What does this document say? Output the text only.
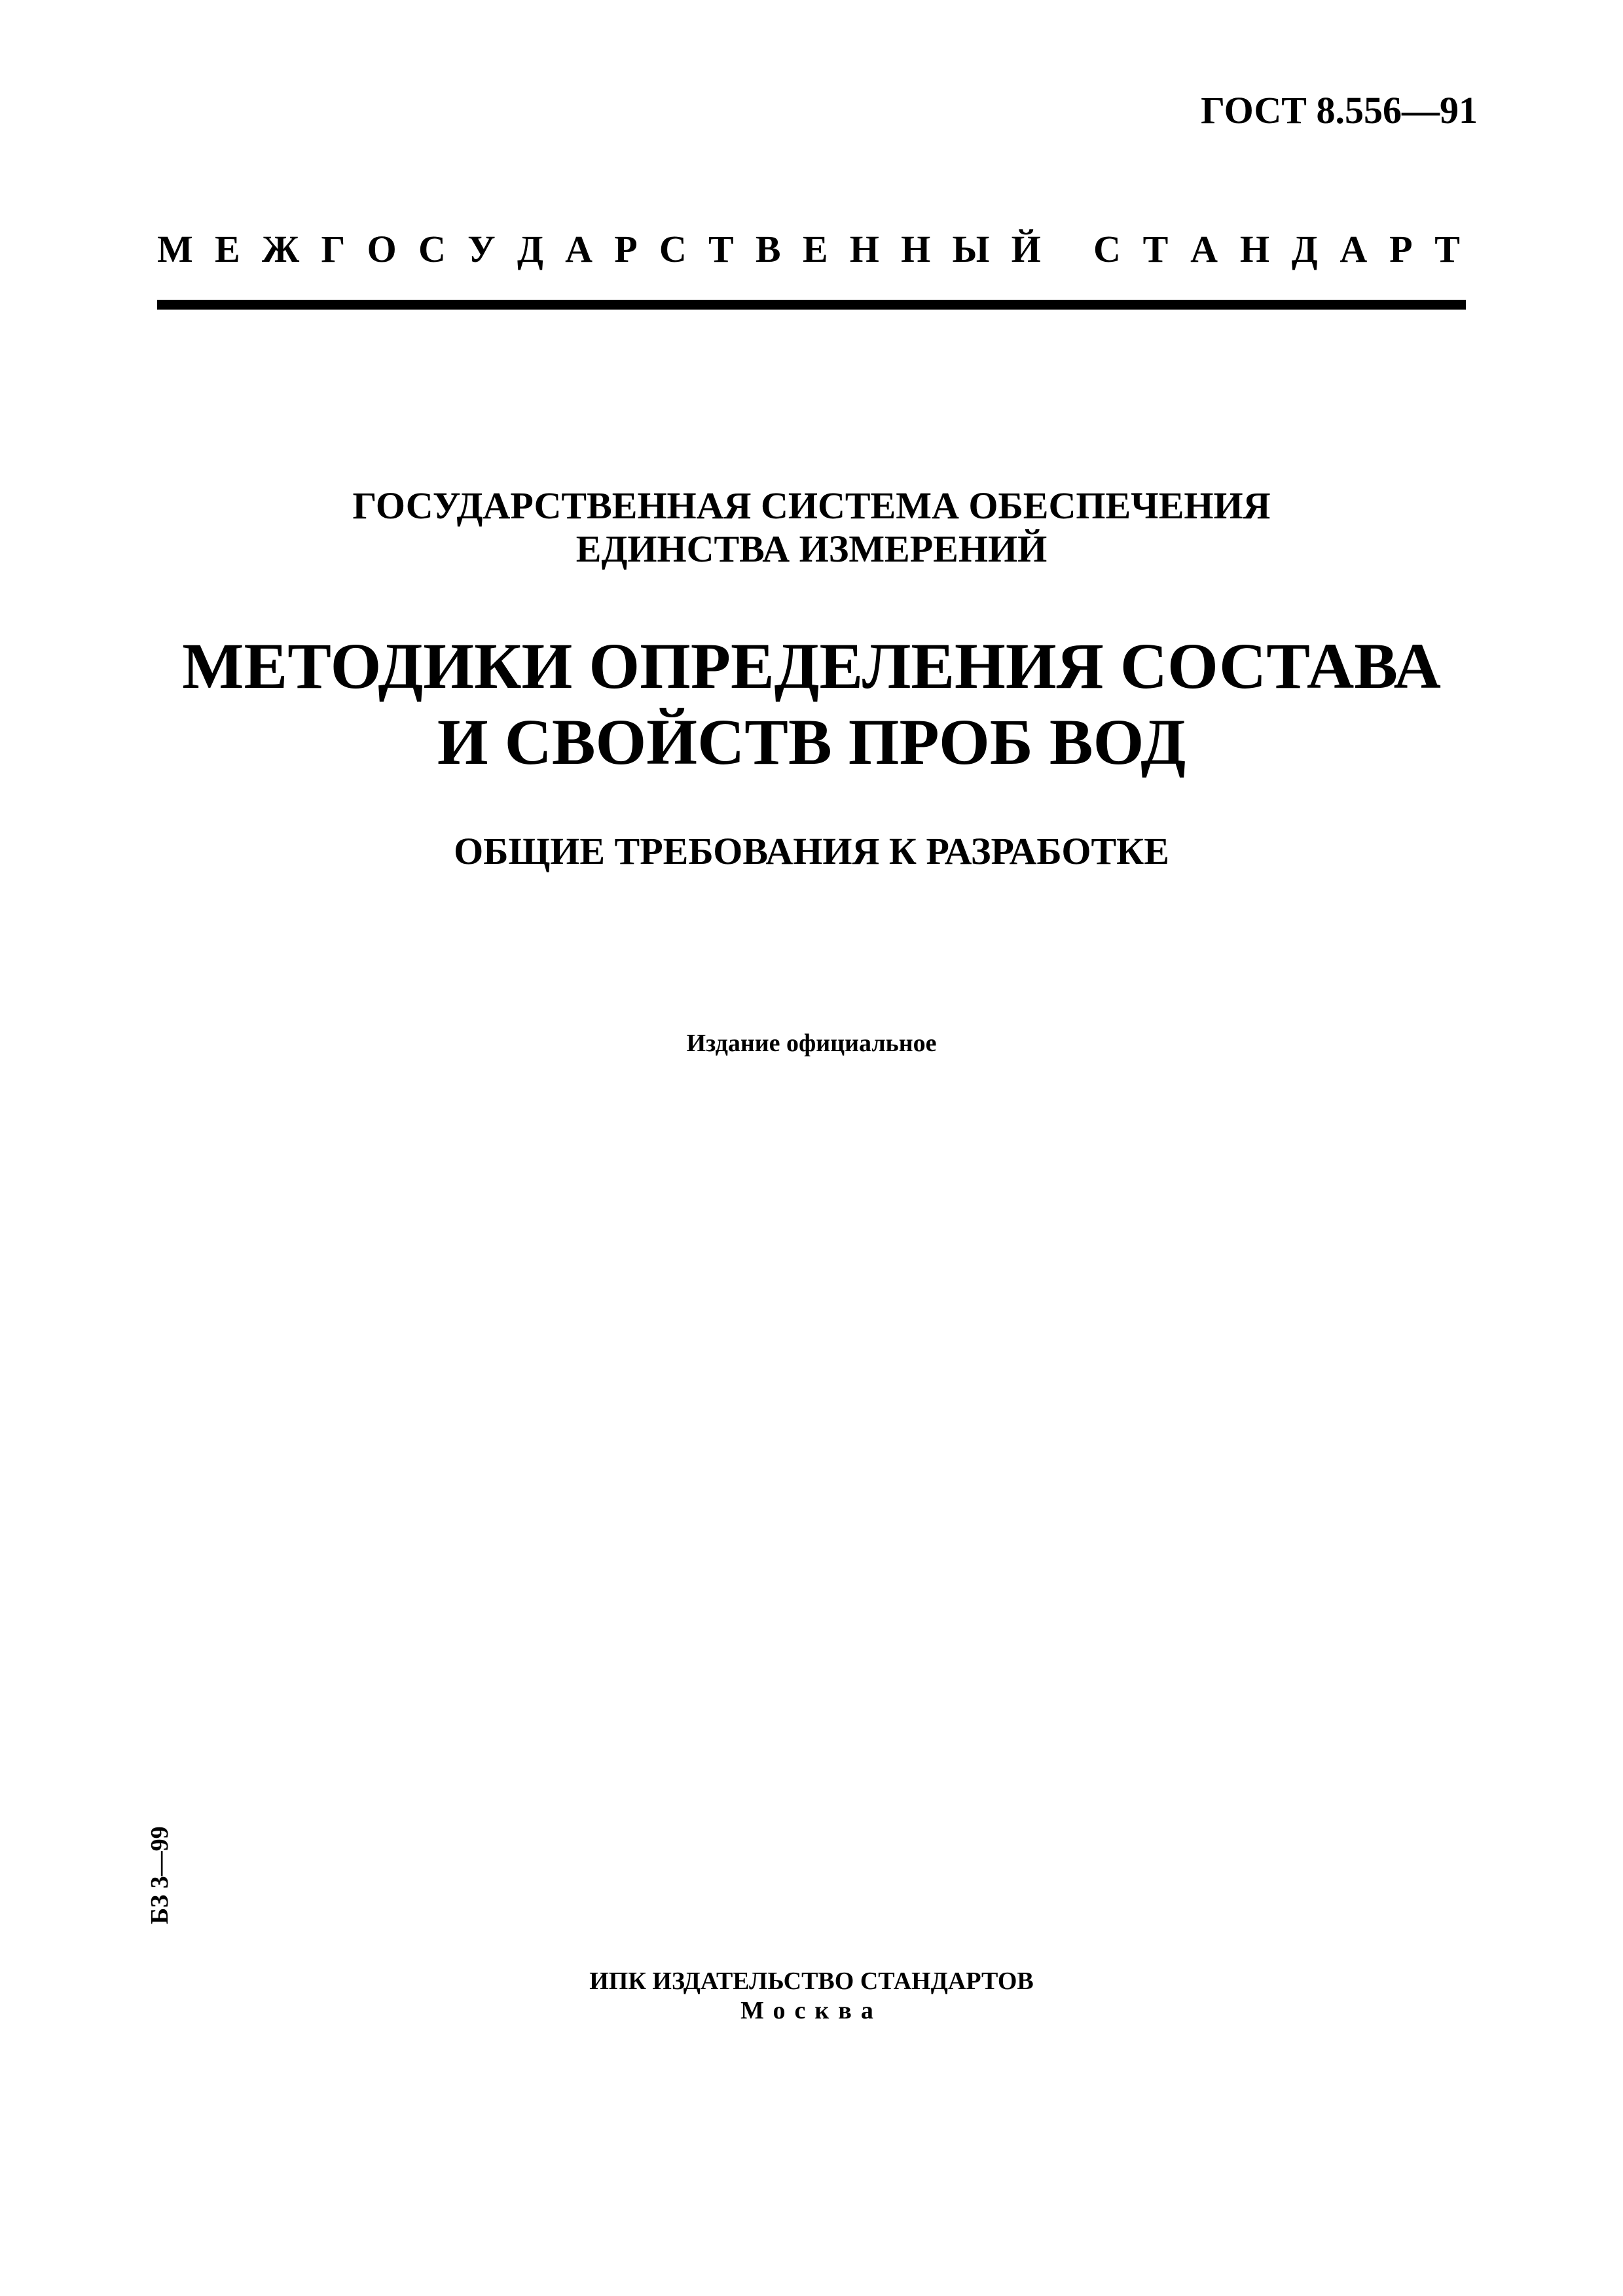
ГОСТ 8.556—91
М Е Ж Г О С У Д А Р С Т В Е Н Н Ы Й С Т А Н Д А Р Т
ГОСУДАРСТВЕННАЯ СИСТЕМА ОБЕСПЕЧЕНИЯ
ЕДИНСТВА ИЗМЕРЕНИЙ
МЕТОДИКИ ОПРЕДЕЛЕНИЯ СОСТАВА
И СВОЙСТВ ПРОБ ВОД
ОБЩИЕ ТРЕБОВАНИЯ К РАЗРАБОТКЕ
Издание официальное
БЗ 3—99
ИПК ИЗДАТЕЛЬСТВО СТАНДАРТОВ
Москва
